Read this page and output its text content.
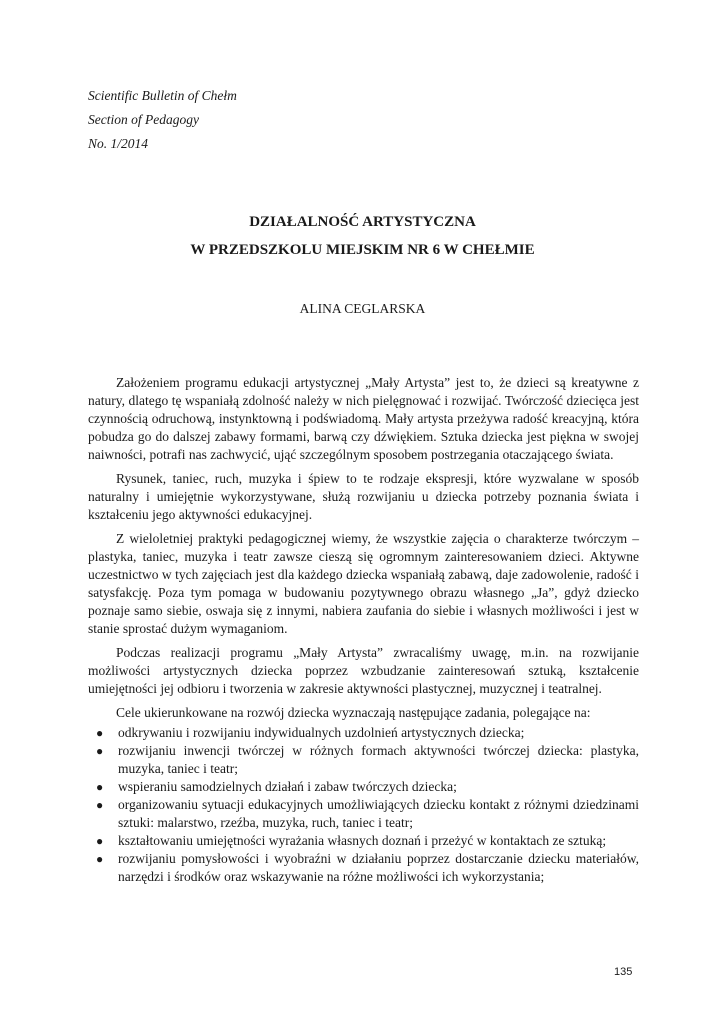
Scientific Bulletin of Chełm
Section of Pedagogy
No. 1/2014
DZIAŁALNOŚĆ ARTYSTYCZNA
W PRZEDSZKOLU MIEJSKIM NR 6 W CHEŁMIE
ALINA CEGLARSKA

Założeniem programu edukacji artystycznej „Mały Artysta” jest to, że dzieci są kreatywne z natury, dlatego tę wspaniałą zdolność należy w nich pielęgnować i rozwijać. Twórczość dziecięca jest czynnością odruchową, instynktowną i podświadomą. Mały artysta przeżywa radość kreacyjną, która pobudza go do dalszej zabawy formami, barwą czy dźwiękiem. Sztuka dziecka jest piękna w swojej naiwności, potrafi nas zachwycić, ująć szczególnym sposobem postrzegania otaczającego świata.

Rysunek, taniec, ruch, muzyka i śpiew to te rodzaje ekspresji, które wyzwalane w sposób naturalny i umiejętnie wykorzystywane, służą rozwijaniu u dziecka potrzeby poznania świata i kształceniu jego aktywności edukacyjnej.

Z wieloletniej praktyki pedagogicznej wiemy, że wszystkie zajęcia o charakterze twórczym – plastyka, taniec, muzyka i teatr zawsze cieszą się ogromnym zainteresowaniem dzieci. Aktywne uczestnictwo w tych zajęciach jest dla każdego dziecka wspaniałą zabawą, daje zadowolenie, radość i satysfakcję. Poza tym pomaga w budowaniu pozytywnego obrazu własnego „Ja”, gdyż dziecko poznaje samo siebie, oswaja się z innymi, nabiera zaufania do siebie i własnych możliwości i jest w stanie sprostać dużym wymaganiom.

Podczas realizacji programu „Mały Artysta” zwracaliśmy uwagę, m.in. na rozwijanie możliwości artystycznych dziecka poprzez wzbudzanie zainteresowań sztuką, kształcenie umiejętności jej odbioru i tworzenia w zakresie aktywności plastycznej, muzycznej i teatralnej.

Cele ukierunkowane na rozwój dziecka wyznaczają następujące zadania, polegające na:

● odkrywaniu i rozwijaniu indywidualnych uzdolnień artystycznych dziecka;
● rozwijaniu inwencji twórczej w różnych formach aktywności twórczej dziecka: plastyka, muzyka, taniec i teatr;
● wspieraniu samodzielnych działań i zabaw twórczych dziecka;
● organizowaniu sytuacji edukacyjnych umożliwiających dziecku kontakt z różnymi dziedzinami sztuki: malarstwo, rzeźba, muzyka, ruch, taniec i teatr;
● kształtowaniu umiejętności wyrażania własnych doznań i przeżyć w kontaktach ze sztuką;
● rozwijaniu pomysłowości i wyobraźni w działaniu poprzez dostarczanie dziecku materiałów, narzędzi i środków oraz wskazywanie na różne możliwości ich wykorzystania;
135
